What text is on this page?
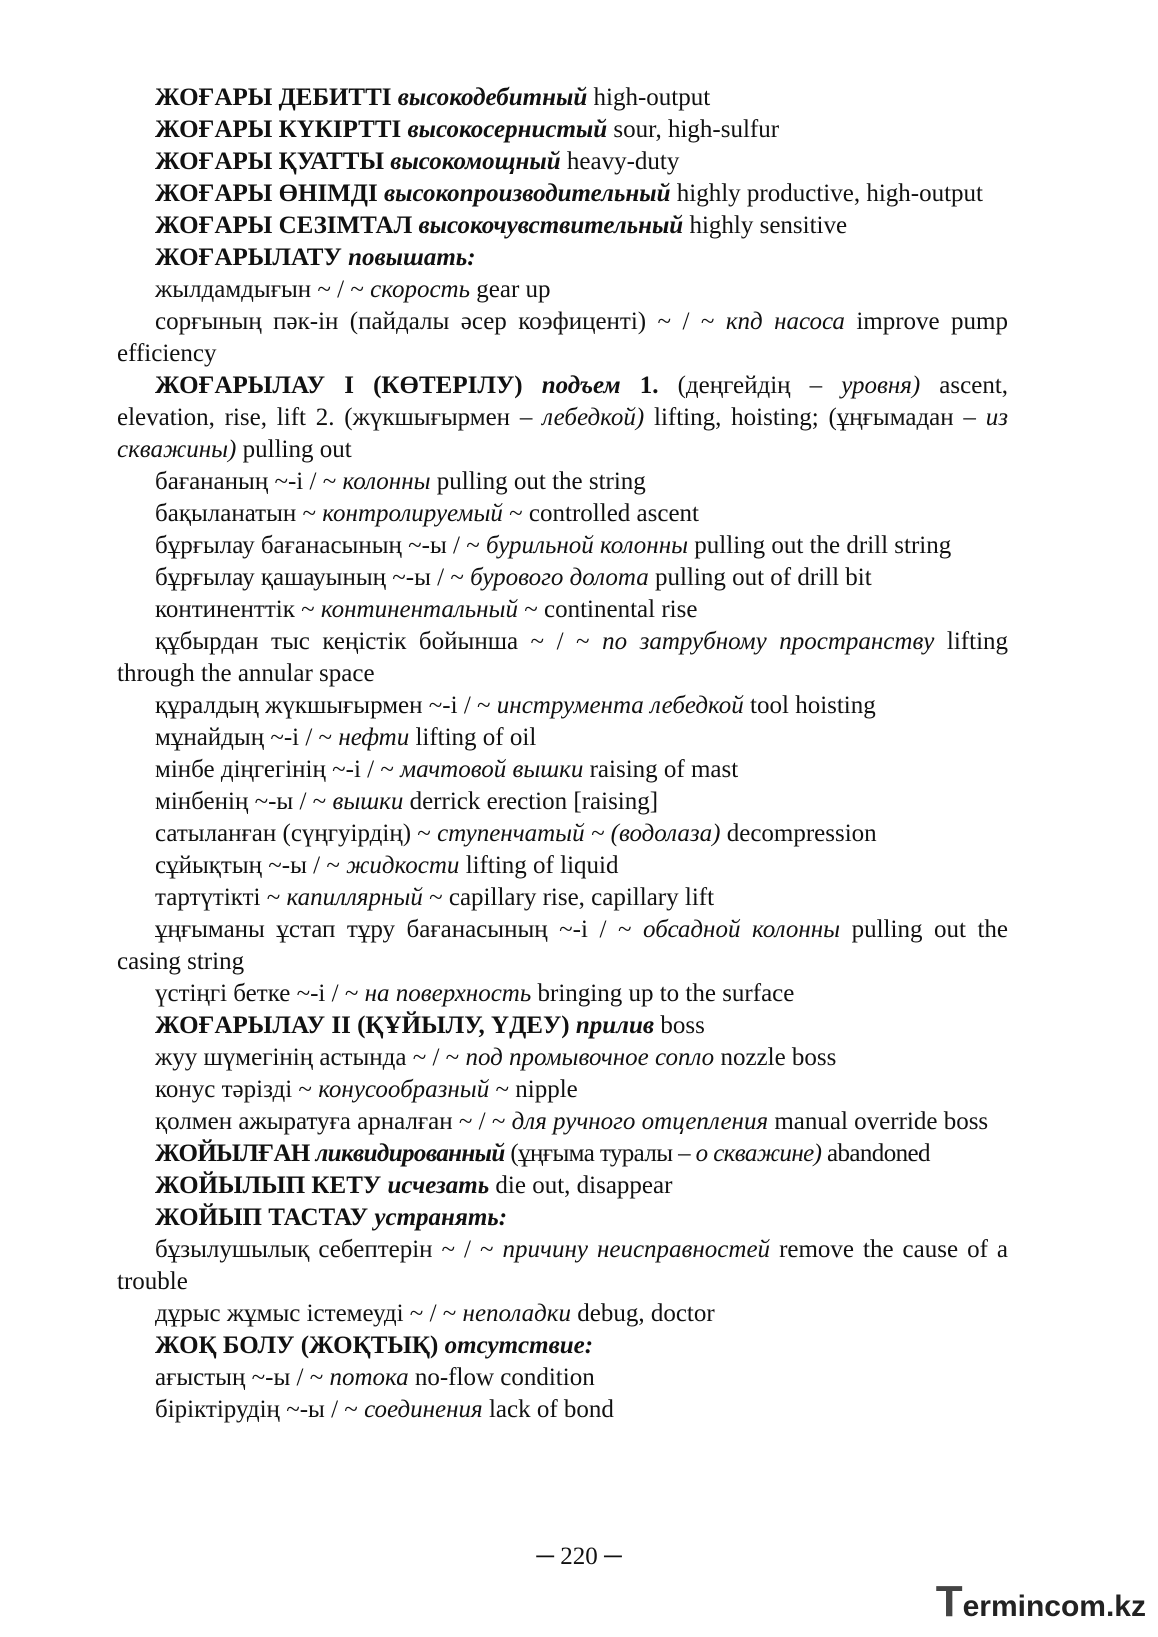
ЖОҒАРЫ ДЕБИТТІ высокодебитный high-output

ЖОҒАРЫ КҮКІРТТІ высокосернистый sour, high-sulfur

ЖОҒАРЫ ҚУАТТЫ высокомощный heavy-duty

ЖОҒАРЫ ӨНІМДІ высокопроизводительный highly productive, high-output

ЖОҒАРЫ СЕЗІМТАЛ высокочувствительный highly sensitive

ЖОҒАРЫЛАТУ повышать:

жылдамдығын ~ / ~ скорость gear up

сорғының пәк-ін (пайдалы әсер коэфиценті) ~ / ~ кпд насоса improve pump efficiency

ЖОҒАРЫЛАУ І (КӨТЕРІЛУ) подъем 1. (деңгейдің – уровня) ascent, elevation, rise, lift 2. (жүкшығырмен – лебедкой) lifting, hoisting; (ұңғымадан – из скважины) pulling out

бағананың ~-і / ~ колонны pulling out the string

бақыланатын ~ контролируемый ~ controlled ascent

бұрғылау бағанасының ~-ы / ~ бурильной колонны pulling out the drill string

бұрғылау қашауының ~-ы / ~ бурового долота pulling out of drill bit

континенттік ~ континентальный ~ continental rise

құбырдан тыс кеңістік бойынша ~ / ~ по затрубному пространству lifting through the annular space

құралдың жүкшығырмен ~-і / ~ инструмента лебедкой tool hoisting

мұнайдың ~-і / ~ нефти lifting of oil

мінбе діңгегінің ~-і / ~ мачтовой вышки raising of mast

мінбенің ~-ы / ~ вышки derrick erection [raising]

сатыланған (сүңгуірдің) ~ ступенчатый ~ (водолаза) decompression

сұйықтың ~-ы / ~ жидкости lifting of liquid

тартүтікті ~ капиллярный ~ capillary rise, capillary lift

ұңғыманы ұстап тұру бағанасының ~-і / ~ обсадной колонны pulling out the casing string

үстіңгі бетке ~-і / ~ на поверхность bringing up to the surface

ЖОҒАРЫЛАУ ІІ (ҚҰЙЫЛУ, ҮДЕУ) прилив boss

жуу шүмегінің астында ~ / ~ под промывочное сопло nozzle boss

конус тәрізді ~ конусообразный ~ nipple

қолмен ажыратуға арналған ~ / ~ для ручного отцепления manual override boss

ЖОЙЫЛҒАН ликвидированный (ұңғыма туралы – о скважине) abandoned

ЖОЙЫЛЫП КЕТУ исчезать die out, disappear

ЖОЙЫП ТАСТАУ устранять:

бұзылушылық себептерін ~ / ~ причину неисправностей remove the cause of a trouble

дұрыс жұмыс істемеуді ~ / ~ неполадки debug, doctor

ЖОҚ БОЛУ (ЖОҚТЫҚ) отсутствие:

ағыстың ~-ы / ~ потока no-flow condition

біріктірудің ~-ы / ~ соединения lack of bond

─ 220 ─
Termincom.kz
